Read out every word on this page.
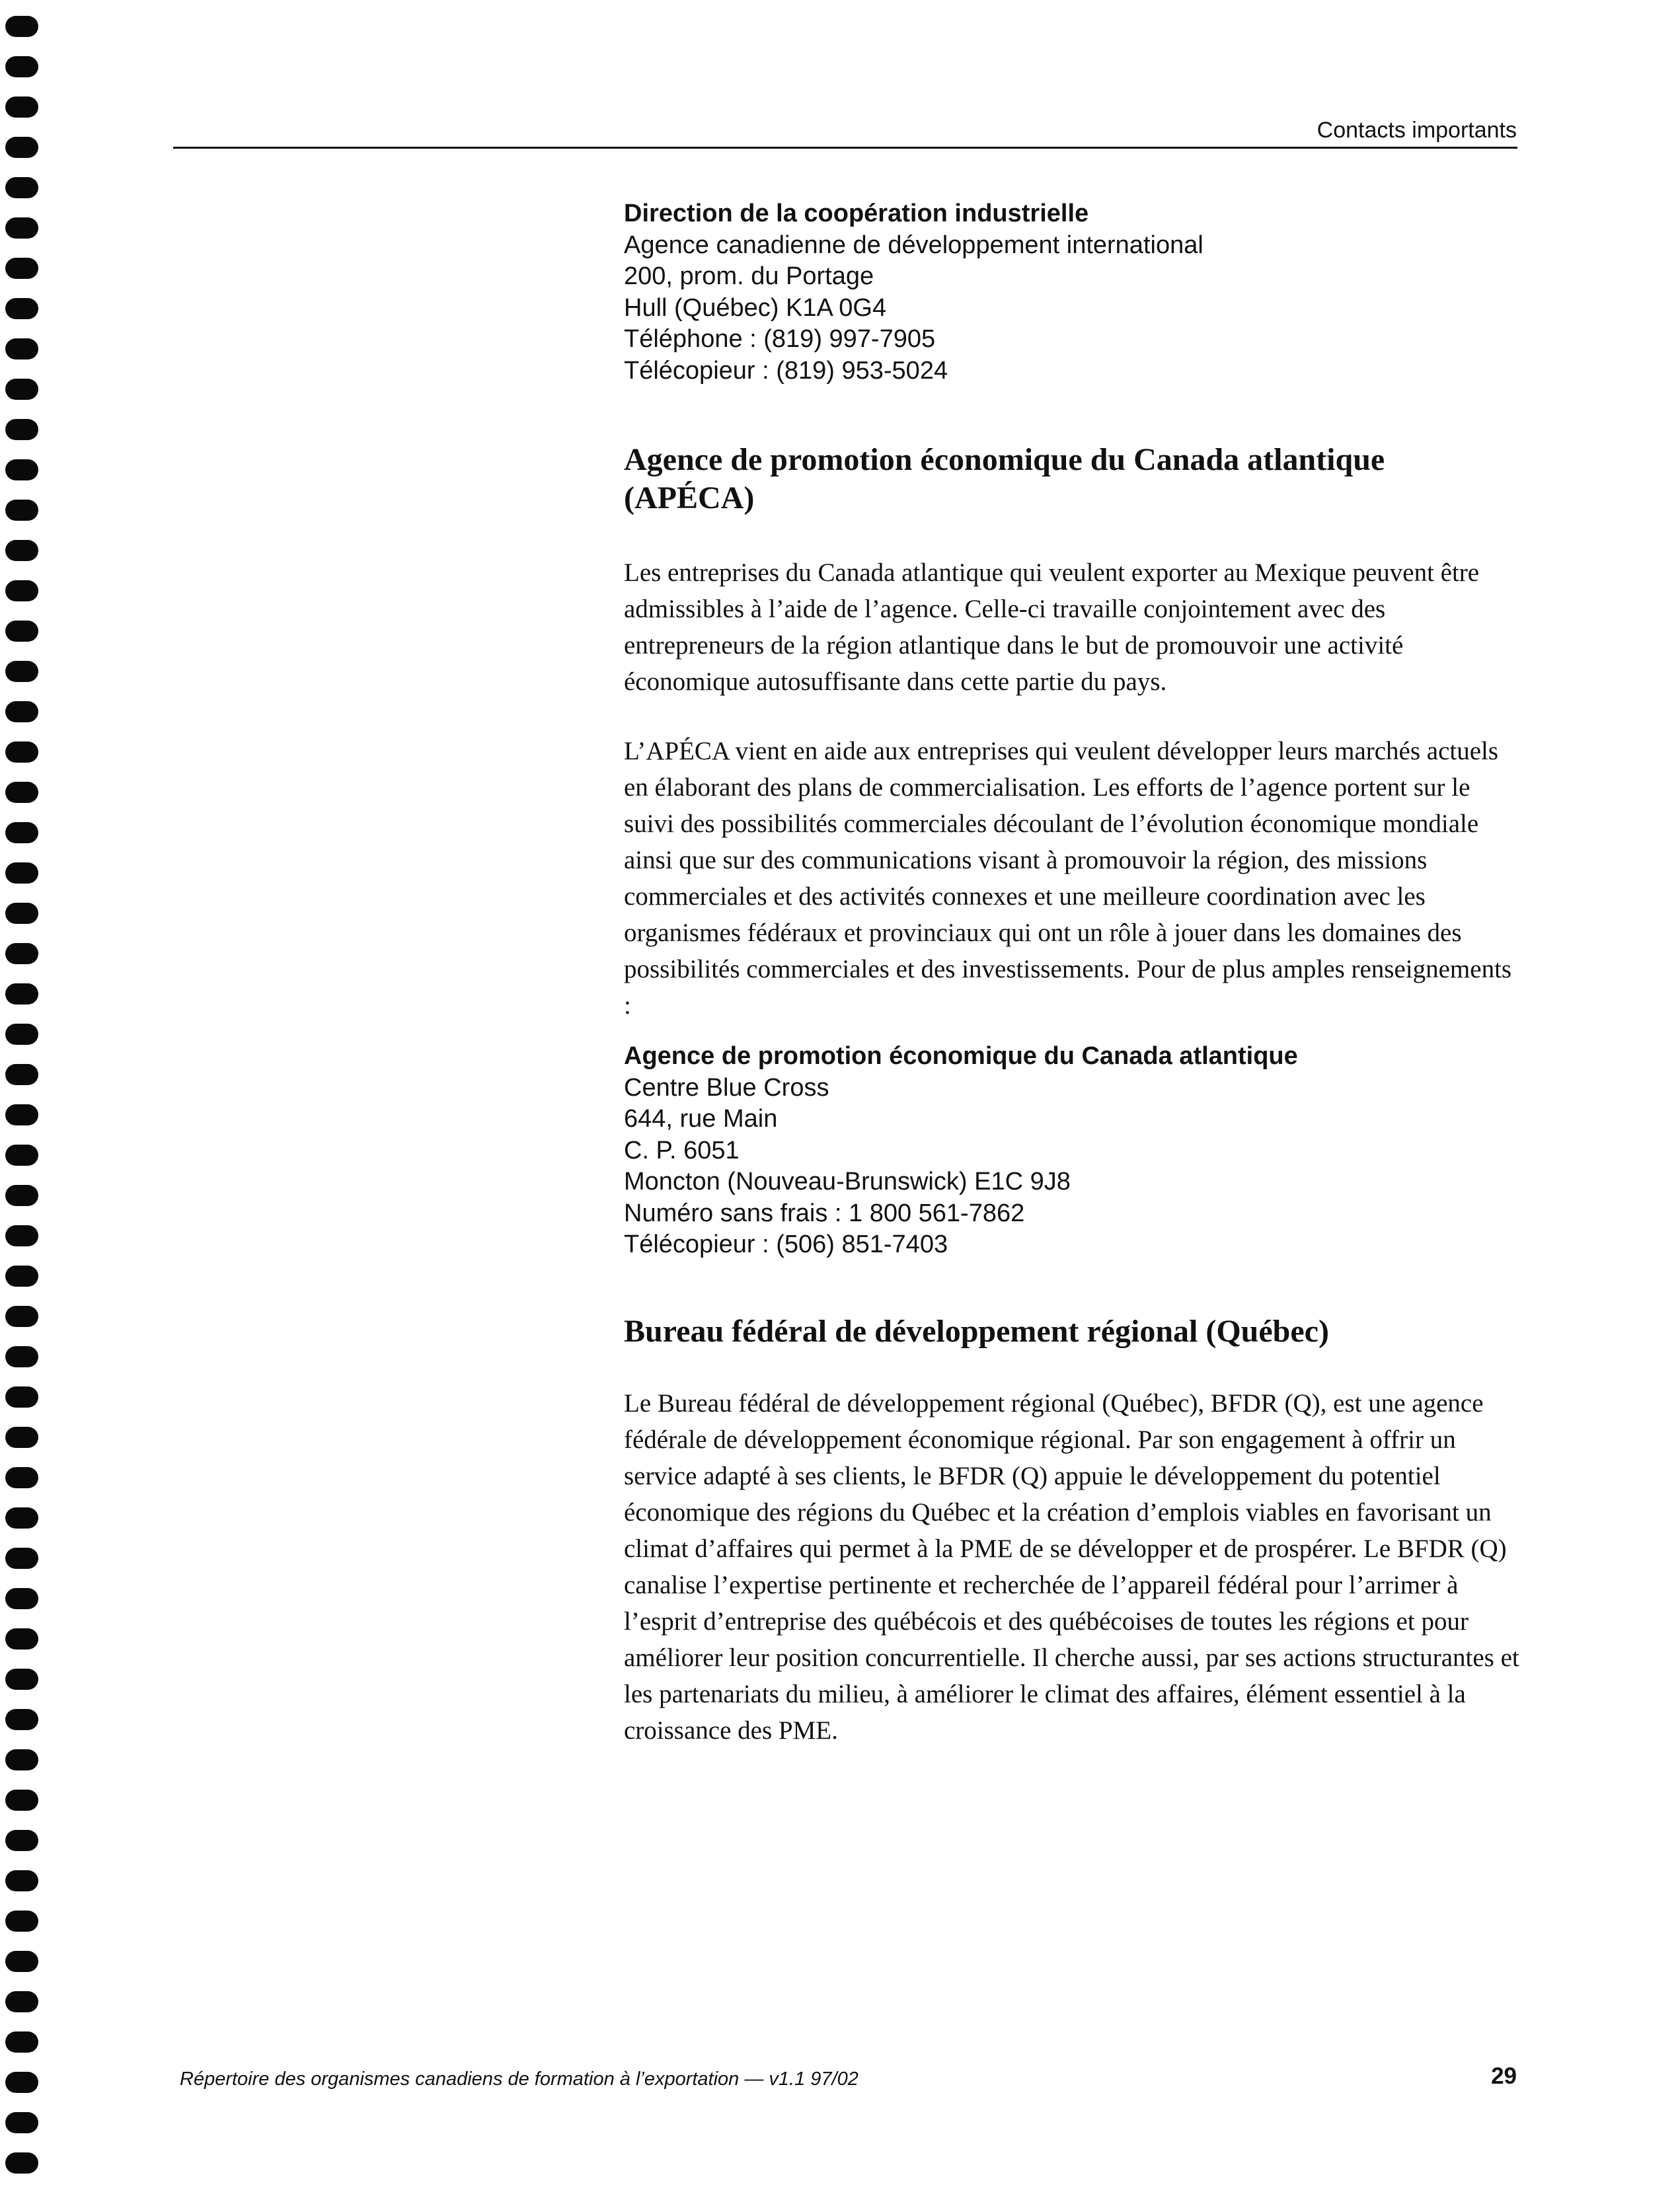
Contacts importants
Direction de la coopération industrielle
Agence canadienne de développement international
200, prom. du Portage
Hull (Québec) K1A 0G4
Téléphone : (819) 997-7905
Télécopieur : (819) 953-5024
Agence de promotion économique du Canada atlantique
(APÉCA)

Les entreprises du Canada atlantique qui veulent exporter au Mexique peuvent être admissibles à l’aide de l’agence. Celle-ci travaille conjointement avec des entrepreneurs de la région atlantique dans le but de promouvoir une activité économique autosuffisante dans cette partie du pays.

L’APÉCA vient en aide aux entreprises qui veulent développer leurs marchés actuels en élaborant des plans de commercialisation. Les efforts de l’agence portent sur le suivi des possibilités commerciales découlant de l’évolution économique mondiale ainsi que sur des communications visant à promouvoir la région, des missions commerciales et des activités connexes et une meilleure coordination avec les organismes fédéraux et provinciaux qui ont un rôle à jouer dans les domaines des possibilités commerciales et des investissements. Pour de plus amples renseignements :

Agence de promotion économique du Canada atlantique
Centre Blue Cross
644, rue Main
C. P. 6051
Moncton (Nouveau-Brunswick) E1C 9J8
Numéro sans frais : 1 800 561-7862
Télécopieur : (506) 851-7403
Bureau fédéral de développement régional (Québec)

Le Bureau fédéral de développement régional (Québec), BFDR (Q), est une agence fédérale de développement économique régional. Par son engagement à offrir un service adapté à ses clients, le BFDR (Q) appuie le développement du potentiel économique des régions du Québec et la création d’emplois viables en favorisant un climat d’affaires qui permet à la PME de se développer et de prospérer. Le BFDR (Q) canalise l’expertise pertinente et recherchée de l’appareil fédéral pour l’arrimer à l’esprit d’entreprise des québécois et des québécoises de toutes les régions et pour améliorer leur position concurrentielle. Il cherche aussi, par ses actions structurantes et les partenariats du milieu, à améliorer le climat des affaires, élément essentiel à la croissance des PME.

Répertoire des organismes canadiens de formation à l’exportation — v1.1 97/02	29
